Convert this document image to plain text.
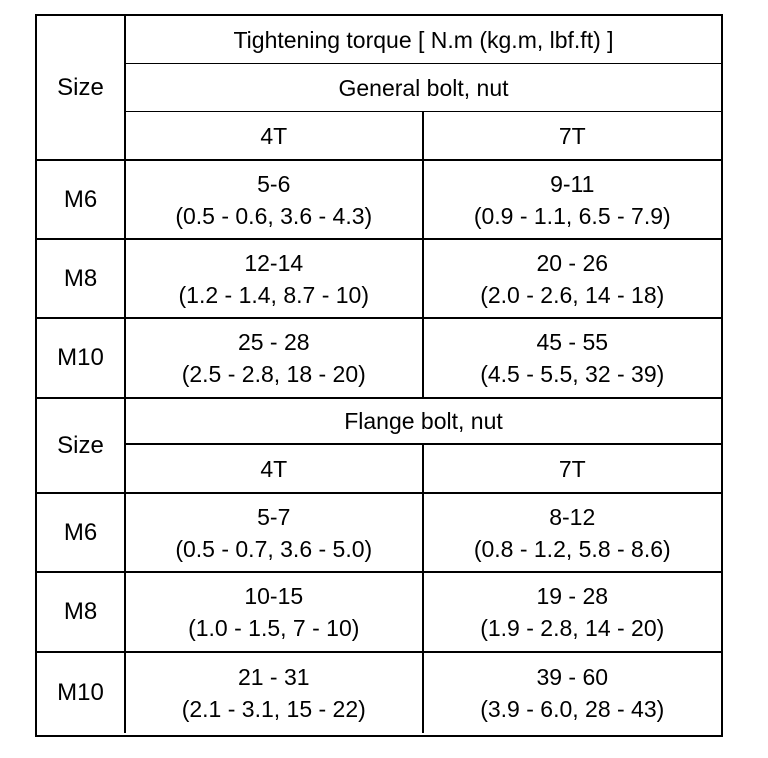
Size
Tightening torque [ N.m (kg.m, lbf.ft) ]
General bolt, nut
4T	7T
M6
5-6
(0.5 - 0.6, 3.6 - 4.3)
9-11
(0.9 - 1.1, 6.5 - 7.9)
M8
12-14
(1.2 - 1.4, 8.7 - 10)
20 - 26
(2.0 - 2.6, 14 - 18)
M10
25 - 28
(2.5 - 2.8, 18 - 20)
45 - 55
(4.5 - 5.5, 32 - 39)
Size
Flange bolt, nut
4T	7T
M6
5-7
(0.5 - 0.7, 3.6 - 5.0)
8-12
(0.8 - 1.2, 5.8 - 8.6)
M8
10-15
(1.0 - 1.5, 7 - 10)
19 - 28
(1.9 - 2.8, 14 - 20)
M10
21 - 31
(2.1 - 3.1, 15 - 22)
39 - 60
(3.9 - 6.0, 28 - 43)
